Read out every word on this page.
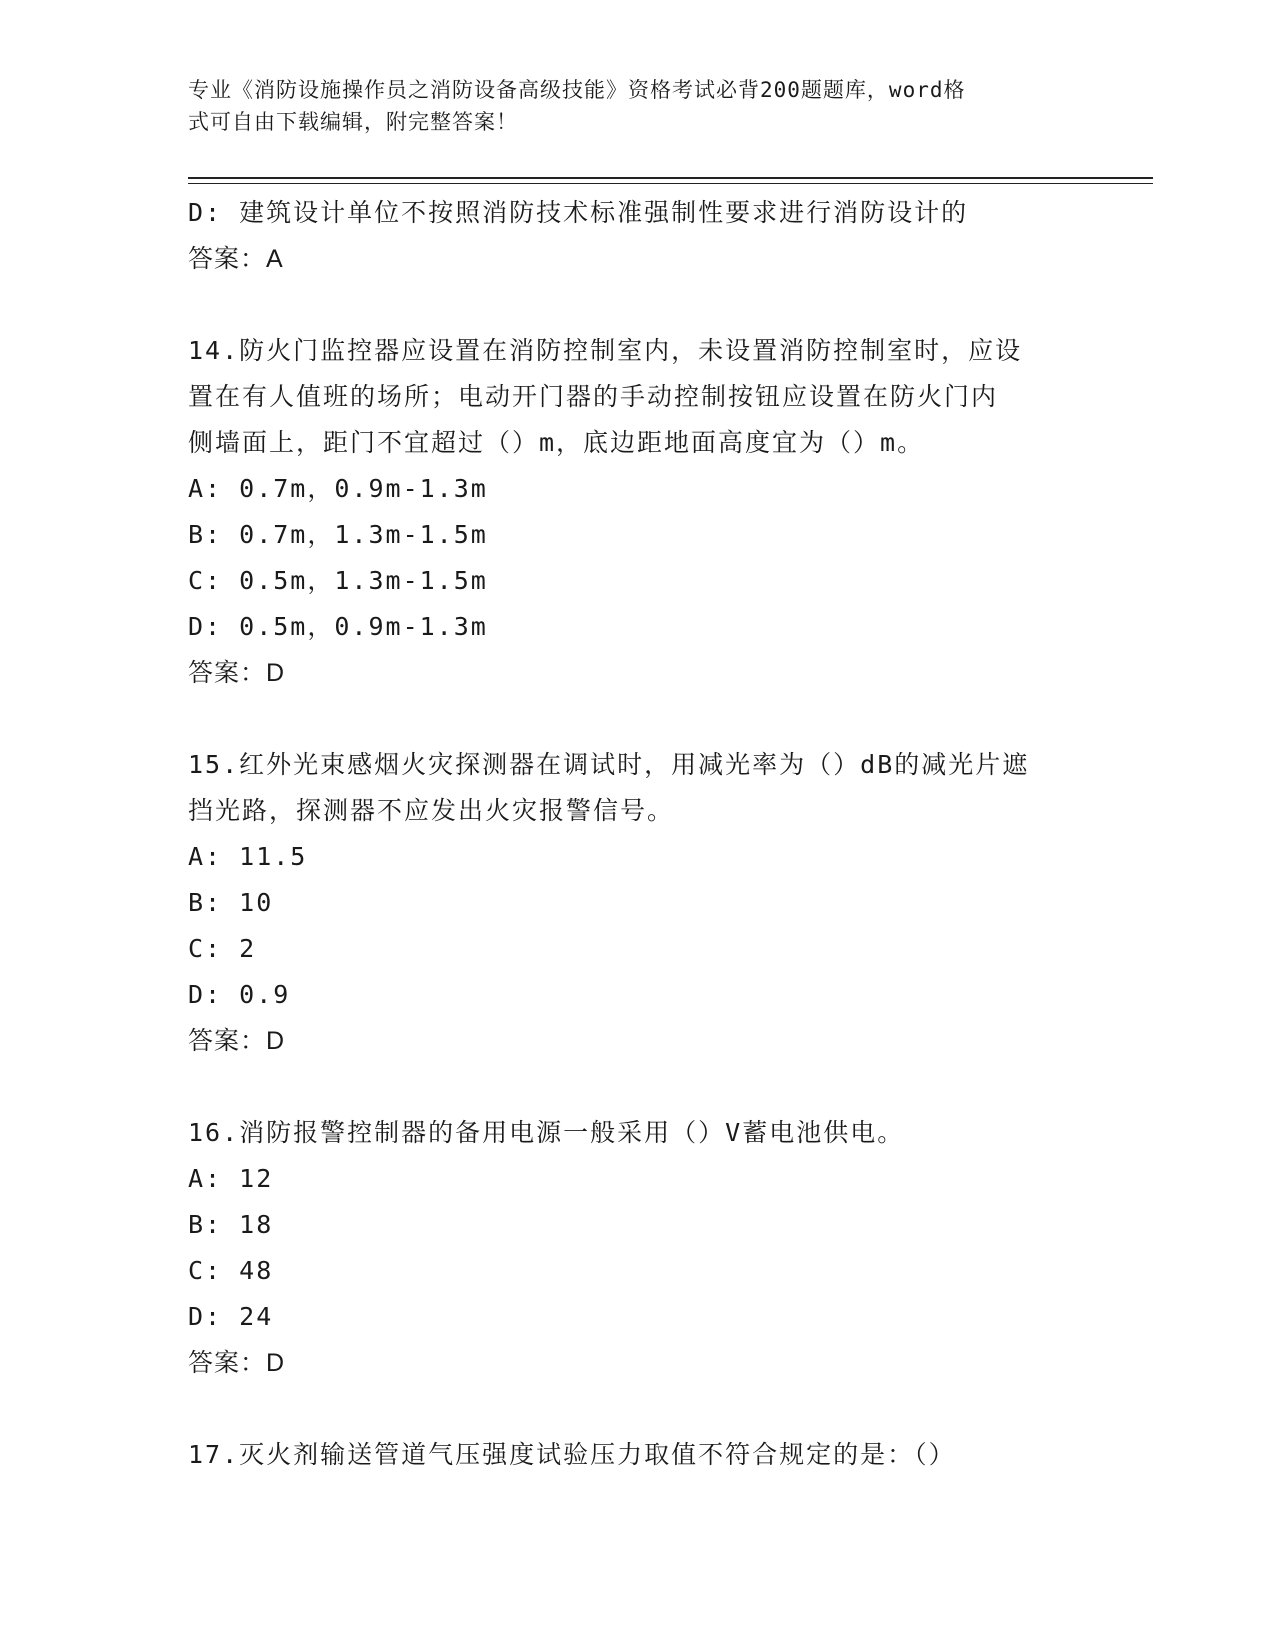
专业《消防设施操作员之消防设备高级技能》资格考试必背200题题库，word格
式可自由下载编辑，附完整答案！
D: 建筑设计单位不按照消防技术标准强制性要求进行消防设计的
答案：A
14.防火门监控器应设置在消防控制室内，未设置消防控制室时，应设
置在有人值班的场所；电动开门器的手动控制按钮应设置在防火门内
侧墙面上，距门不宜超过（）m，底边距地面高度宜为（）m。
A: 0.7m，0.9m-1.3m
B: 0.7m，1.3m-1.5m
C: 0.5m，1.3m-1.5m
D: 0.5m，0.9m-1.3m
答案：D
15.红外光束感烟火灾探测器在调试时，用减光率为（）dB的减光片遮
挡光路，探测器不应发出火灾报警信号。
A: 11.5
B: 10
C: 2
D: 0.9
答案：D
16.消防报警控制器的备用电源一般采用（）V蓄电池供电。
A: 12
B: 18
C: 48
D: 24
答案：D
17.灭火剂输送管道气压强度试验压力取值不符合规定的是：（）
